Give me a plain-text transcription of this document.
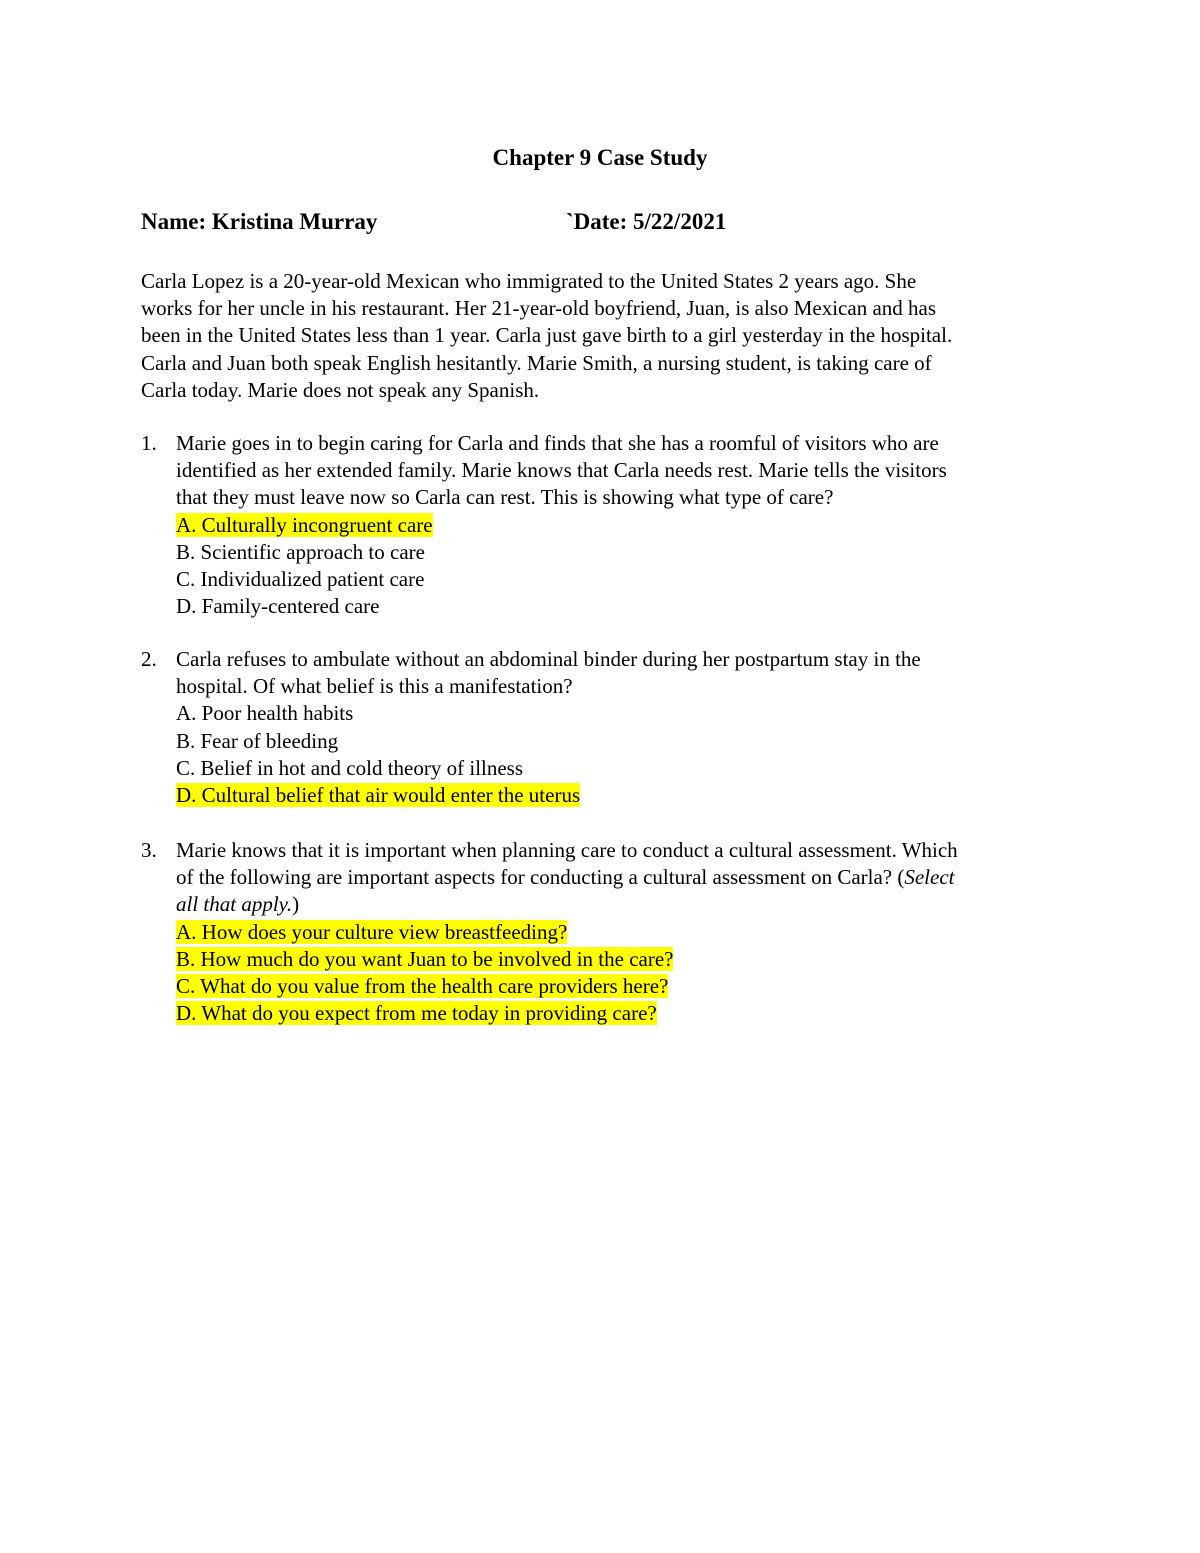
Chapter 9 Case Study
Name: Kristina Murray	`Date: 5/22/2021
Carla Lopez is a 20-year-old Mexican who immigrated to the United States 2 years ago. She
works for her uncle in his restaurant. Her 21-year-old boyfriend, Juan, is also Mexican and has
been in the United States less than 1 year. Carla just gave birth to a girl yesterday in the hospital.
Carla and Juan both speak English hesitantly. Marie Smith, a nursing student, is taking care of
Carla today. Marie does not speak any Spanish.
1. Marie goes in to begin caring for Carla and finds that she has a roomful of visitors who are
identified as her extended family. Marie knows that Carla needs rest. Marie tells the visitors
that they must leave now so Carla can rest. This is showing what type of care?
A. Culturally incongruent care
B. Scientific approach to care
C. Individualized patient care
D. Family-centered care
2. Carla refuses to ambulate without an abdominal binder during her postpartum stay in the
hospital. Of what belief is this a manifestation?
A. Poor health habits
B. Fear of bleeding
C. Belief in hot and cold theory of illness
D. Cultural belief that air would enter the uterus
3. Marie knows that it is important when planning care to conduct a cultural assessment. Which
of the following are important aspects for conducting a cultural assessment on Carla? (Select
all that apply.)
A. How does your culture view breastfeeding?
B. How much do you want Juan to be involved in the care?
C. What do you value from the health care providers here?
D. What do you expect from me today in providing care?
